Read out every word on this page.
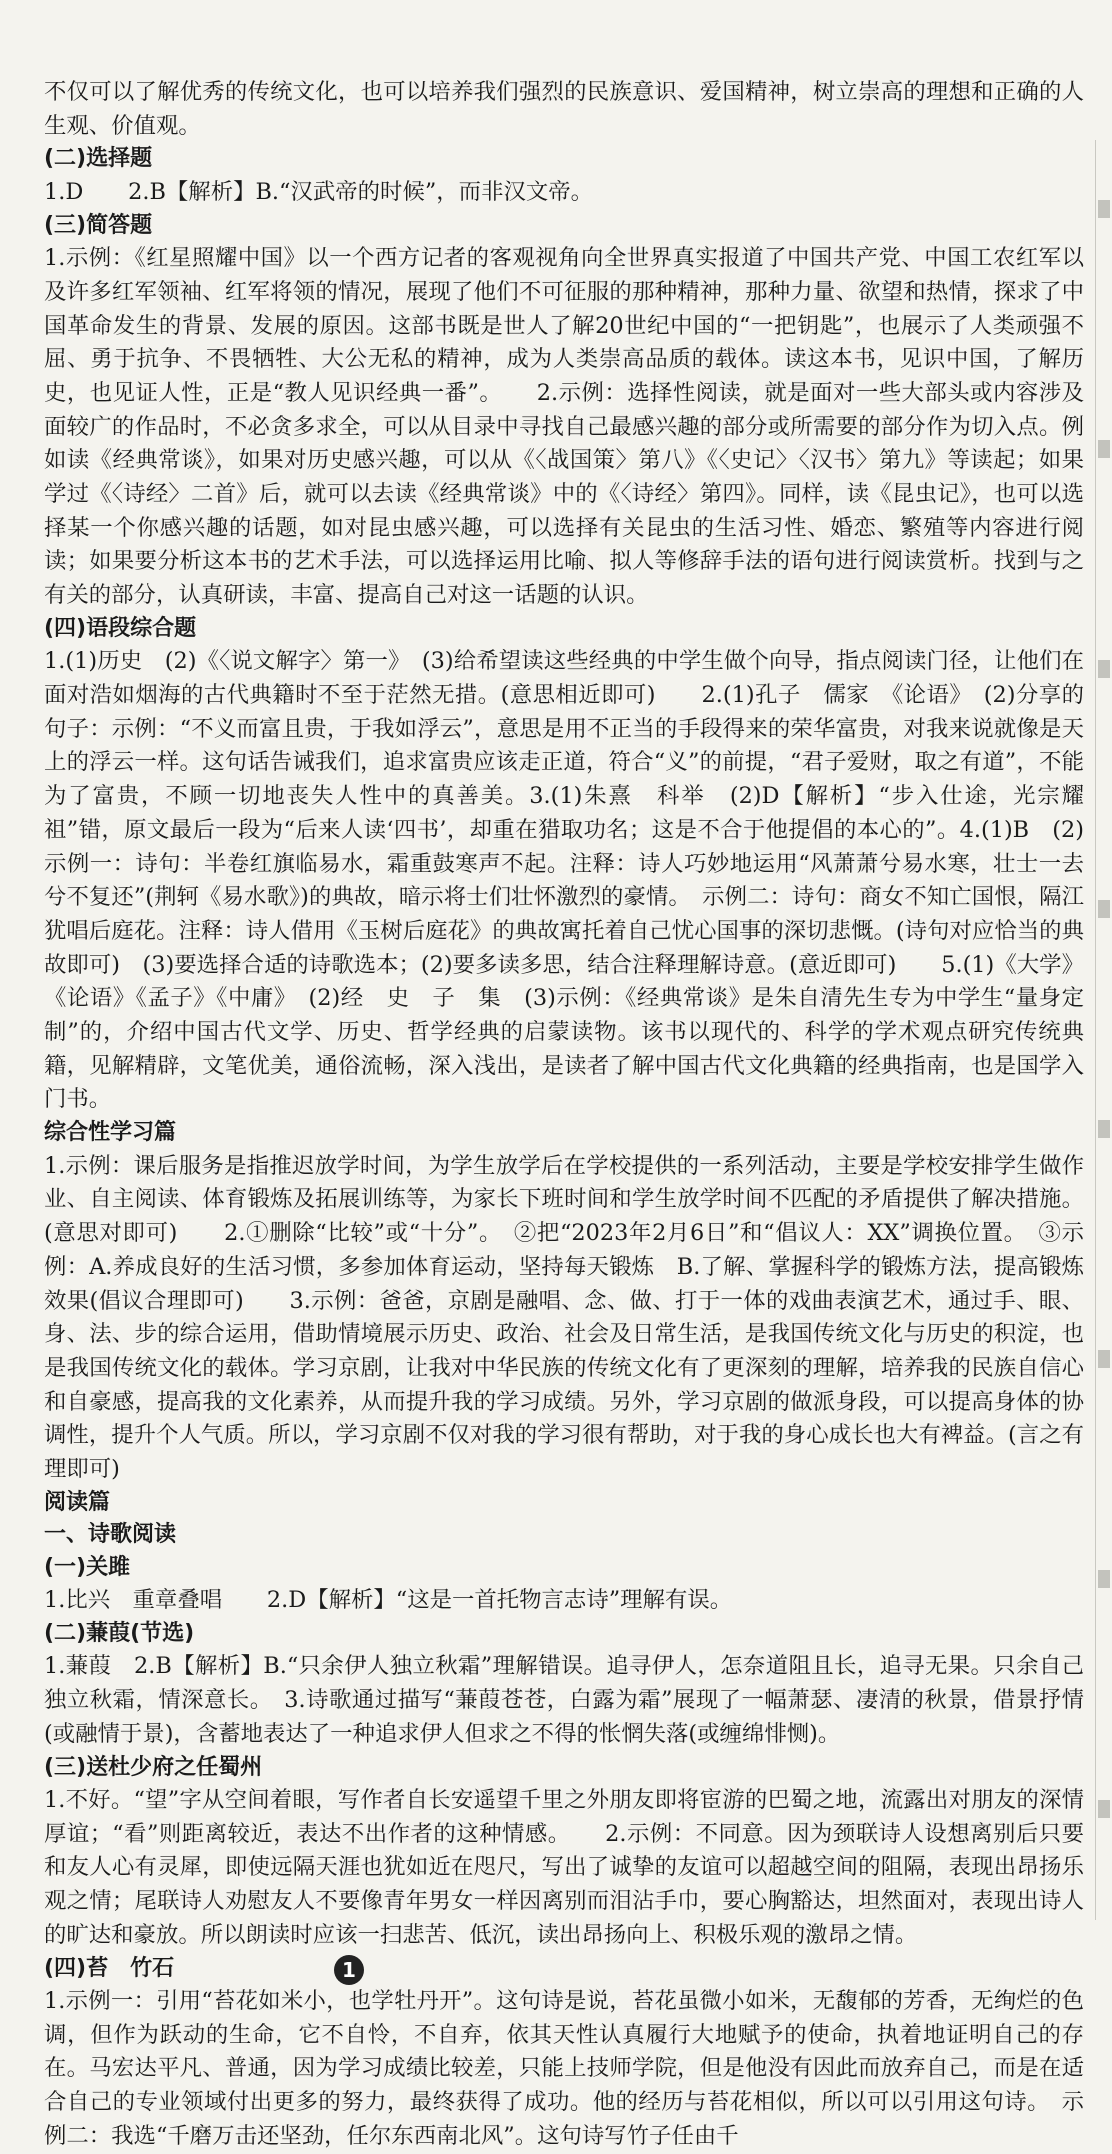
不仅可以了解优秀的传统文化，也可以培养我们强烈的民族意识、爱国精神，树立崇高的理想和正确的人生观、价值观。
(二)选择题
1.D　　2.B【解析】B.“汉武帝的时候”，而非汉文帝。
(三)简答题
1.示例：《红星照耀中国》以一个西方记者的客观视角向全世界真实报道了中国共产党、中国工农红军以及许多红军领袖、红军将领的情况，展现了他们不可征服的那种精神，那种力量、欲望和热情，探求了中国革命发生的背景、发展的原因。这部书既是世人了解20世纪中国的“一把钥匙”，也展示了人类顽强不屈、勇于抗争、不畏牺牲、大公无私的精神，成为人类崇高品质的载体。读这本书，见识中国，了解历史，也见证人性，正是“教人见识经典一番”。　　2.示例：选择性阅读，就是面对一些大部头或内容涉及面较广的作品时，不必贪多求全，可以从目录中寻找自己最感兴趣的部分或所需要的部分作为切入点。例如读《经典常谈》，如果对历史感兴趣，可以从《〈战国策〉第八》《〈史记〉〈汉书〉第九》等读起；如果学过《〈诗经〉二首》后，就可以去读《经典常谈》中的《〈诗经〉第四》。同样，读《昆虫记》，也可以选择某一个你感兴趣的话题，如对昆虫感兴趣，可以选择有关昆虫的生活习性、婚恋、繁殖等内容进行阅读；如果要分析这本书的艺术手法，可以选择运用比喻、拟人等修辞手法的语句进行阅读赏析。找到与之有关的部分，认真研读，丰富、提高自己对这一话题的认识。
(四)语段综合题
1.(1)历史　(2)《〈说文解字〉第一》　(3)给希望读这些经典的中学生做个向导，指点阅读门径，让他们在面对浩如烟海的古代典籍时不至于茫然无措。(意思相近即可)　　2.(1)孔子　儒家　《论语》　(2)分享的句子：示例：“不义而富且贵，于我如浮云”，意思是用不正当的手段得来的荣华富贵，对我来说就像是天上的浮云一样。这句话告诫我们，追求富贵应该走正道，符合“义”的前提，“君子爱财，取之有道”，不能为了富贵，不顾一切地丧失人性中的真善美。3.(1)朱熹　科举　(2)D【解析】“步入仕途，光宗耀祖”错，原文最后一段为“后来人读‘四书’，却重在猎取功名；这是不合于他提倡的本心的”。4.(1)B　(2)示例一：诗句：半卷红旗临易水，霜重鼓寒声不起。注释：诗人巧妙地运用“风萧萧兮易水寒，壮士一去兮不复还”(荆轲《易水歌》)的典故，暗示将士们壮怀激烈的豪情。　示例二：诗句：商女不知亡国恨，隔江犹唱后庭花。注释：诗人借用《玉树后庭花》的典故寓托着自己忧心国事的深切悲慨。(诗句对应恰当的典故即可)　(3)要选择合适的诗歌选本；(2)要多读多思，结合注释理解诗意。(意近即可)　　5.(1)《大学》《论语》《孟子》《中庸》　(2)经　史　子　集　(3)示例：《经典常谈》是朱自清先生专为中学生“量身定制”的，介绍中国古代文学、历史、哲学经典的启蒙读物。该书以现代的、科学的学术观点研究传统典籍，见解精辟，文笔优美，通俗流畅，深入浅出，是读者了解中国古代文化典籍的经典指南，也是国学入门书。
综合性学习篇
1.示例：课后服务是指推迟放学时间，为学生放学后在学校提供的一系列活动，主要是学校安排学生做作业、自主阅读、体育锻炼及拓展训练等，为家长下班时间和学生放学时间不匹配的矛盾提供了解决措施。(意思对即可)　　2.①删除“比较”或“十分”。　②把“2023年2月6日”和“倡议人：XX”调换位置。　③示例：A.养成良好的生活习惯，多参加体育运动，坚持每天锻炼　B.了解、掌握科学的锻炼方法，提高锻炼效果(倡议合理即可)　　3.示例：爸爸，京剧是融唱、念、做、打于一体的戏曲表演艺术，通过手、眼、身、法、步的综合运用，借助情境展示历史、政治、社会及日常生活，是我国传统文化与历史的积淀，也是我国传统文化的载体。学习京剧，让我对中华民族的传统文化有了更深刻的理解，培养我的民族自信心和自豪感，提高我的文化素养，从而提升我的学习成绩。另外，学习京剧的做派身段，可以提高身体的协调性，提升个人气质。所以，学习京剧不仅对我的学习很有帮助，对于我的身心成长也大有裨益。(言之有理即可)
阅读篇
一、诗歌阅读
(一)关雎
1.比兴　重章叠唱　　2.D【解析】“这是一首托物言志诗”理解有误。
(二)蒹葭(节选)
1.蒹葭　2.B【解析】B.“只余伊人独立秋霜”理解错误。追寻伊人，怎奈道阻且长，追寻无果。只余自己独立秋霜，情深意长。　3.诗歌通过描写“蒹葭苍苍，白露为霜”展现了一幅萧瑟、凄清的秋景，借景抒情(或融情于景)，含蓄地表达了一种追求伊人但求之不得的怅惘失落(或缠绵悱恻)。
(三)送杜少府之任蜀州
1.不好。“望”字从空间着眼，写作者自长安遥望千里之外朋友即将宦游的巴蜀之地，流露出对朋友的深情厚谊；“看”则距离较近，表达不出作者的这种情感。　　2.示例：不同意。因为颈联诗人设想离别后只要和友人心有灵犀，即使远隔天涯也犹如近在咫尺，写出了诚挚的友谊可以超越空间的阻隔，表现出昂扬乐观之情；尾联诗人劝慰友人不要像青年男女一样因离别而泪沾手巾，要心胸豁达，坦然面对，表现出诗人的旷达和豪放。所以朗读时应该一扫悲苦、低沉，读出昂扬向上、积极乐观的激昂之情。
(四)苔　竹石
1.示例一：引用“苔花如米小，也学牡丹开”。这句诗是说，苔花虽微小如米，无馥郁的芳香，无绚烂的色调，但作为跃动的生命，它不自怜，不自弃，依其天性认真履行大地赋予的使命，执着地证明自己的存在。马宏达平凡、普通，因为学习成绩比较差，只能上技师学院，但是他没有因此而放弃自己，而是在适合自己的专业领域付出更多的努力，最终获得了成功。他的经历与苔花相似，所以可以引用这句诗。　示例二：我选“千磨万击还坚劲，任尔东西南北风”。这句诗写竹子任由千
1
